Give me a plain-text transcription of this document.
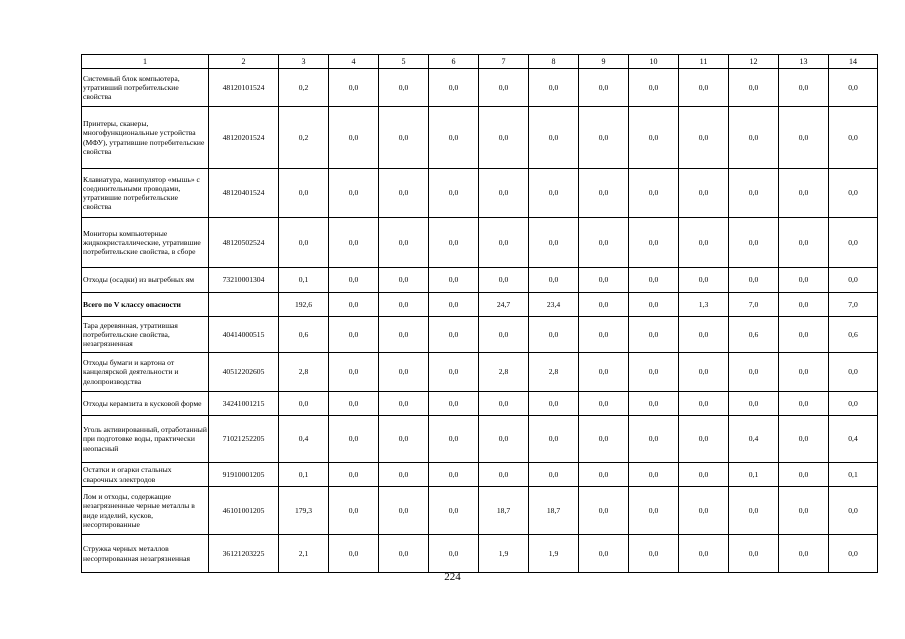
1	2	3	4	5	6	7	8	9	10	11	12	13	14
Системный блок компьютера, утративший потребительские свойства	48120101524	0,2	0,0	0,0	0,0	0,0	0,0	0,0	0,0	0,0	0,0	0,0	0,0
Принтеры, сканеры, многофункциональные устройства (МФУ), утратившие потребительские свойства	48120201524	0,2	0,0	0,0	0,0	0,0	0,0	0,0	0,0	0,0	0,0	0,0	0,0
Клавиатура, манипулятор «мышь» с соединительными проводами, утратившие потребительские свойства	48120401524	0,0	0,0	0,0	0,0	0,0	0,0	0,0	0,0	0,0	0,0	0,0	0,0
Мониторы компьютерные жидкокристаллические, утратившие потребительские свойства, в сборе	48120502524	0,0	0,0	0,0	0,0	0,0	0,0	0,0	0,0	0,0	0,0	0,0	0,0
Отходы (осадки) из выгребных ям	73210001304	0,1	0,0	0,0	0,0	0,0	0,0	0,0	0,0	0,0	0,0	0,0	0,0
Всего по V классу опасности		192,6	0,0	0,0	0,0	24,7	23,4	0,0	0,0	1,3	7,0	0,0	7,0
Тара деревянная, утратившая потребительские свойства, незагрязненная	40414000515	0,6	0,0	0,0	0,0	0,0	0,0	0,0	0,0	0,0	0,6	0,0	0,6
Отходы бумаги и картона от канцелярской деятельности и делопроизводства	40512202605	2,8	0,0	0,0	0,0	2,8	2,8	0,0	0,0	0,0	0,0	0,0	0,0
Отходы керамзита в кусковой форме	34241001215	0,0	0,0	0,0	0,0	0,0	0,0	0,0	0,0	0,0	0,0	0,0	0,0
Уголь активированный, отработанный при подготовке воды, практически неопасный	71021252205	0,4	0,0	0,0	0,0	0,0	0,0	0,0	0,0	0,0	0,4	0,0	0,4
Остатки и огарки стальных сварочных электродов	91910001205	0,1	0,0	0,0	0,0	0,0	0,0	0,0	0,0	0,0	0,1	0,0	0,1
Лом и отходы, содержащие незагрязненные черные металлы в виде изделий, кусков, несортированные	46101001205	179,3	0,0	0,0	0,0	18,7	18,7	0,0	0,0	0,0	0,0	0,0	0,0
Стружка черных металлов несортированная незагрязненная	36121203225	2,1	0,0	0,0	0,0	1,9	1,9	0,0	0,0	0,0	0,0	0,0	0,0
224
